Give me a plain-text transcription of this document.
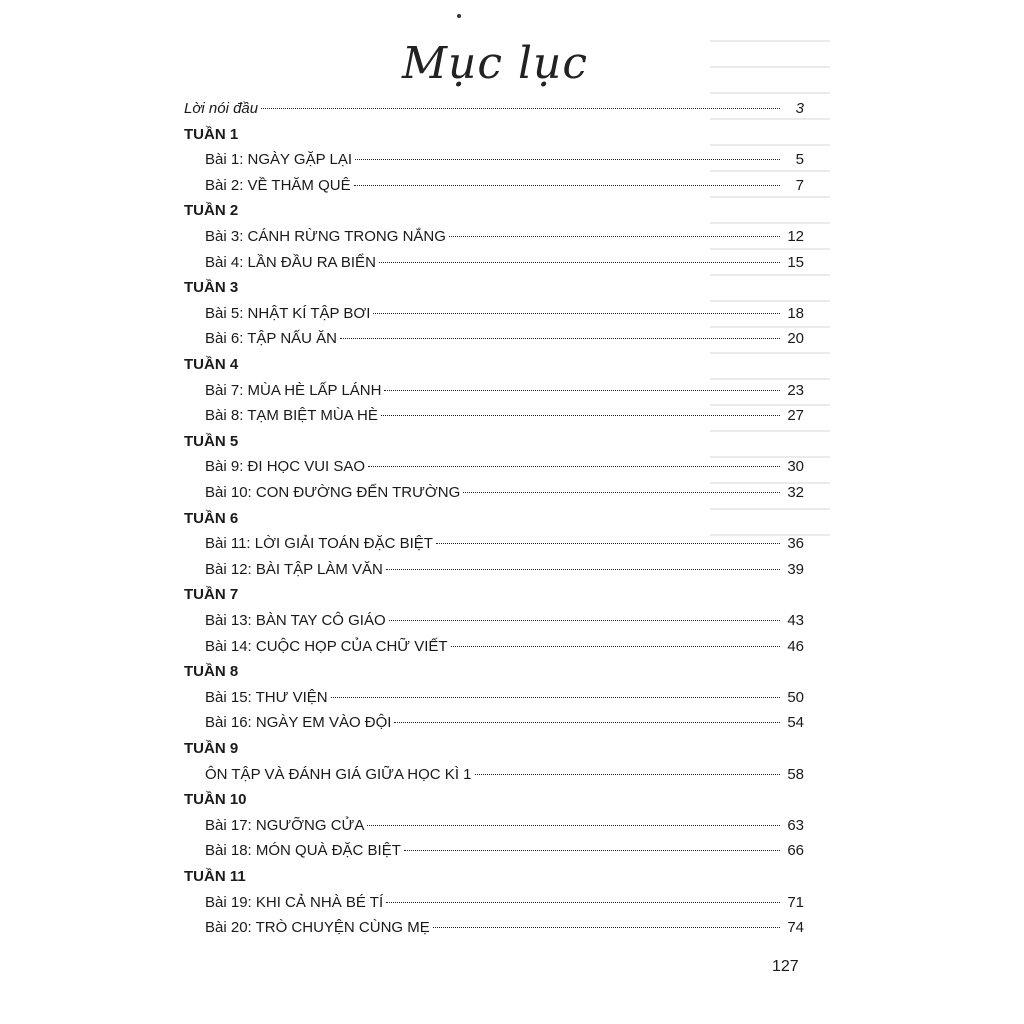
Mục lục
Lời nói đầu	3
TUẦN 1
Bài 1: NGÀY GẶP LẠI	5
Bài 2: VỀ THĂM QUÊ	7
TUẦN 2
Bài 3: CÁNH RỪNG TRONG NẮNG	12
Bài 4: LẦN ĐẦU RA BIỂN	15
TUẦN 3
Bài 5: NHẬT KÍ TẬP BƠI	18
Bài 6: TẬP NẤU ĂN	20
TUẦN 4
Bài 7: MÙA HÈ LẤP LÁNH	23
Bài 8: TẠM BIỆT MÙA HÈ	27
TUẦN 5
Bài 9: ĐI HỌC VUI SAO	30
Bài 10: CON ĐƯỜNG ĐẾN TRƯỜNG	32
TUẦN 6
Bài 11: LỜI GIẢI TOÁN ĐẶC BIỆT	36
Bài 12: BÀI TẬP LÀM VĂN	39
TUẦN 7
Bài 13: BÀN TAY CÔ GIÁO	43
Bài 14: CUỘC HỌP CỦA CHỮ VIẾT	46
TUẦN 8
Bài 15: THƯ VIỆN	50
Bài 16: NGÀY EM VÀO ĐỘI	54
TUẦN 9
ÔN TẬP VÀ ĐÁNH GIÁ GIỮA HỌC KÌ 1	58
TUẦN 10
Bài 17: NGƯỠNG CỬA	63
Bài 18: MÓN QUÀ ĐẶC BIỆT	66
TUẦN 11
Bài 19: KHI CẢ NHÀ BÉ TÍ	71
Bài 20: TRÒ CHUYỆN CÙNG MẸ	74
127
